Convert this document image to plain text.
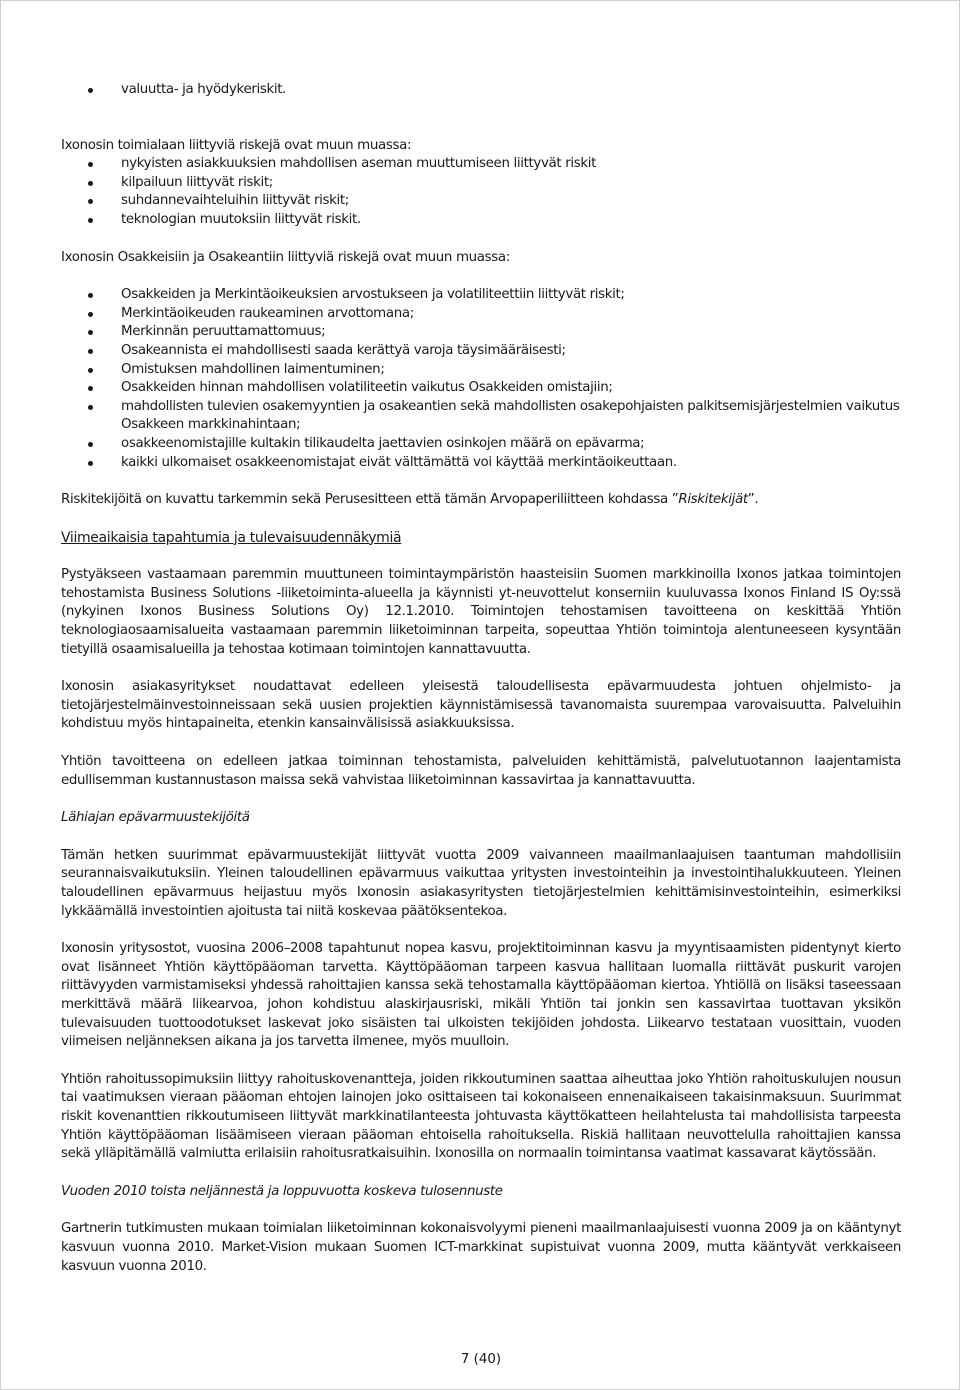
valuutta- ja hyödykeriskit.

Ixonosin toimialaan liittyviä riskejä ovat muun muassa:

nykyisten asiakkuuksien mahdollisen aseman muuttumiseen liittyvät riskit
kilpailuun liittyvät riskit;
suhdannevaihteluihin liittyvät riskit;
teknologian muutoksiin liittyvät riskit.

Ixonosin Osakkeisiin ja Osakeantiin liittyviä riskejä ovat muun muassa:

Osakkeiden ja Merkintäoikeuksien arvostukseen ja volatiliteettiin liittyvät riskit;
Merkintäoikeuden raukeaminen arvottomana;
Merkinnän peruuttamattomuus;
Osakeannista ei mahdollisesti saada kerättyä varoja täysimääräisesti;
Omistuksen mahdollinen laimentuminen;
Osakkeiden hinnan mahdollisen volatiliteetin vaikutus Osakkeiden omistajiin;
mahdollisten tulevien osakemyyntien ja osakeantien sekä mahdollisten osakepohjaisten palkitsemisjärjestelmien vaikutus Osakkeen markkinahintaan;
osakkeenomistajille kultakin tilikaudelta jaettavien osinkojen määrä on epävarma;
kaikki ulkomaiset osakkeenomistajat eivät välttämättä voi käyttää merkintäoikeuttaan.

Riskitekijöitä on kuvattu tarkemmin sekä Perusesitteen että tämän Arvopaperiliitteen kohdassa ”Riskitekijät”.

Viimeaikaisia tapahtumia ja tulevaisuudennäkymiä

Pystyäkseen vastaamaan paremmin muuttuneen toimintaympäristön haasteisiin Suomen markkinoilla Ixonos jatkaa toimintojen tehostamista Business Solutions -liiketoiminta-alueella ja käynnisti yt-neuvottelut konserniin kuuluvassa Ixonos Finland IS Oy:ssä (nykyinen Ixonos Business Solutions Oy) 12.1.2010. Toimintojen tehostamisen tavoitteena on keskittää Yhtiön teknologiaosaamisalueita vastaamaan paremmin liiketoiminnan tarpeita, sopeuttaa Yhtiön toimintoja alentuneeseen kysyntään tietyillä osaamisalueilla ja tehostaa kotimaan toimintojen kannattavuutta.

Ixonosin asiakasyritykset noudattavat edelleen yleisestä taloudellisesta epävarmuudesta johtuen ohjelmisto- ja tietojärjestelmäinvestoinneissaan sekä uusien projektien käynnistämisessä tavanomaista suurempaa varovaisuutta. Palveluihin kohdistuu myös hintapaineita, etenkin kansainvälisissä asiakkuuksissa.

Yhtiön tavoitteena on edelleen jatkaa toiminnan tehostamista, palveluiden kehittämistä, palvelutuotannon laajentamista edullisemman kustannustason maissa sekä vahvistaa liiketoiminnan kassavirtaa ja kannattavuutta.

Lähiajan epävarmuustekijöitä

Tämän hetken suurimmat epävarmuustekijät liittyvät vuotta 2009 vaivanneen maailmanlaajuisen taantuman mahdollisiin seurannaisvaikutuksiin. Yleinen taloudellinen epävarmuus vaikuttaa yritysten investointeihin ja investointihalukkuuteen. Yleinen taloudellinen epävarmuus heijastuu myös Ixonosin asiakasyritysten tietojärjestelmien kehittämisinvestointeihin, esimerkiksi lykkäämällä investointien ajoitusta tai niitä koskevaa päätöksentekoa.

Ixonosin yritysostot, vuosina 2006–2008 tapahtunut nopea kasvu, projektitoiminnan kasvu ja myyntisaamisten pidentynyt kierto ovat lisänneet Yhtiön käyttöpääoman tarvetta. Käyttöpääoman tarpeen kasvua hallitaan luomalla riittävät puskurit varojen riittävyyden varmistamiseksi yhdessä rahoittajien kanssa sekä tehostamalla käyttöpääoman kiertoa. Yhtiöllä on lisäksi taseessaan merkittävä määrä liikearvoa, johon kohdistuu alaskirjausriski, mikäli Yhtiön tai jonkin sen kassavirtaa tuottavan yksikön tulevaisuuden tuottoodotukset laskevat joko sisäisten tai ulkoisten tekijöiden johdosta. Liikearvo testataan vuosittain, vuoden viimeisen neljänneksen aikana ja jos tarvetta ilmenee, myös muulloin.

Yhtiön rahoitussopimuksiin liittyy rahoituskovenantteja, joiden rikkoutuminen saattaa aiheuttaa joko Yhtiön rahoituskulujen nousun tai vaatimuksen vieraan pääoman ehtojen lainojen joko osittaiseen tai kokonaiseen ennenaikaiseen takaisinmaksuun. Suurimmat riskit kovenanttien rikkoutumiseen liittyvät markkinatilanteesta johtuvasta käyttökatteen heilahtelusta tai mahdollisista tarpeesta Yhtiön käyttöpääoman lisäämiseen vieraan pääoman ehtoisella rahoituksella. Riskiä hallitaan neuvottelulla rahoittajien kanssa sekä ylläpitämällä valmiutta erilaisiin rahoitusratkaisuihin. Ixonosilla on normaalin toimintansa vaatimat kassavarat käytössään.

Vuoden 2010 toista neljännestä ja loppuvuotta koskeva tulosennuste

Gartnerin tutkimusten mukaan toimialan liiketoiminnan kokonaisvolyymi pieneni maailmanlaajuisesti vuonna 2009 ja on kääntynyt kasvuun vuonna 2010. Market-Vision mukaan Suomen ICT-markkinat supistuivat vuonna 2009, mutta kääntyvät verkkaiseen kasvuun vuonna 2010.

7 (40)
